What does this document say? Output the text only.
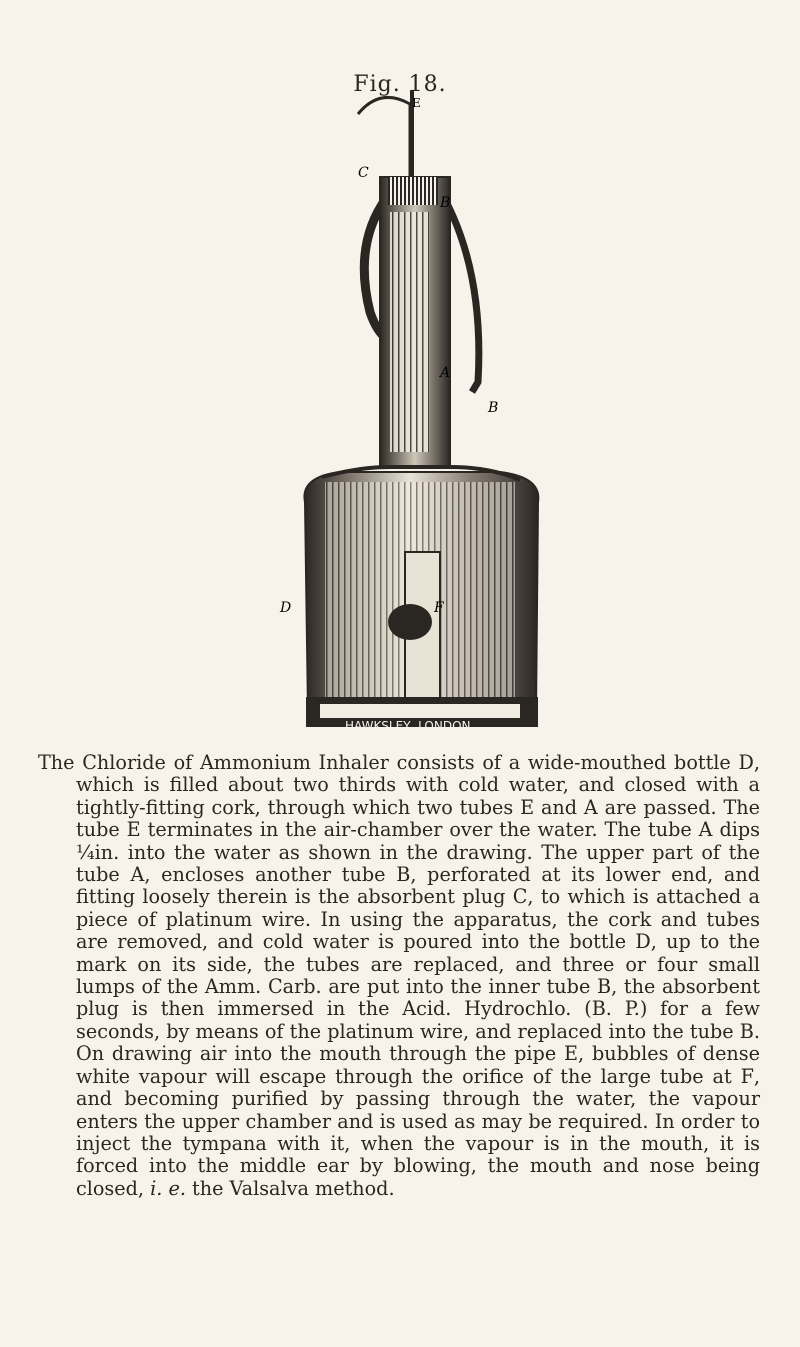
Fig. 18.
C
E
B
A
B
D	F
HAWKSLEY, LONDON
The Chloride of Ammonium Inhaler consists of a wide-mouthed bottle D, which is filled about two thirds with cold water, and closed with a tightly-fitting cork, through which two tubes E and A are passed. The tube E terminates in the air-chamber over the water. The tube A dips ¼in. into the water as shown in the drawing. The upper part of the tube A, encloses another tube B, perforated at its lower end, and fitting loosely therein is the absorbent plug C, to which is attached a piece of platinum wire. In using the apparatus, the cork and tubes are removed, and cold water is poured into the bottle D, up to the mark on its side, the tubes are replaced, and three or four small lumps of the Amm. Carb. are put into the inner tube B, the absorbent plug is then immersed in the Acid. Hydrochlo. (B. P.) for a few seconds, by means of the platinum wire, and replaced into the tube B. On drawing air into the mouth through the pipe E, bubbles of dense white vapour will escape through the orifice of the large tube at F, and becoming purified by passing through the water, the vapour enters the upper chamber and is used as may be required. In order to inject the tympana with it, when the vapour is in the mouth, it is forced into the middle ear by blowing, the mouth and nose being closed, i. e. the Valsalva method.
